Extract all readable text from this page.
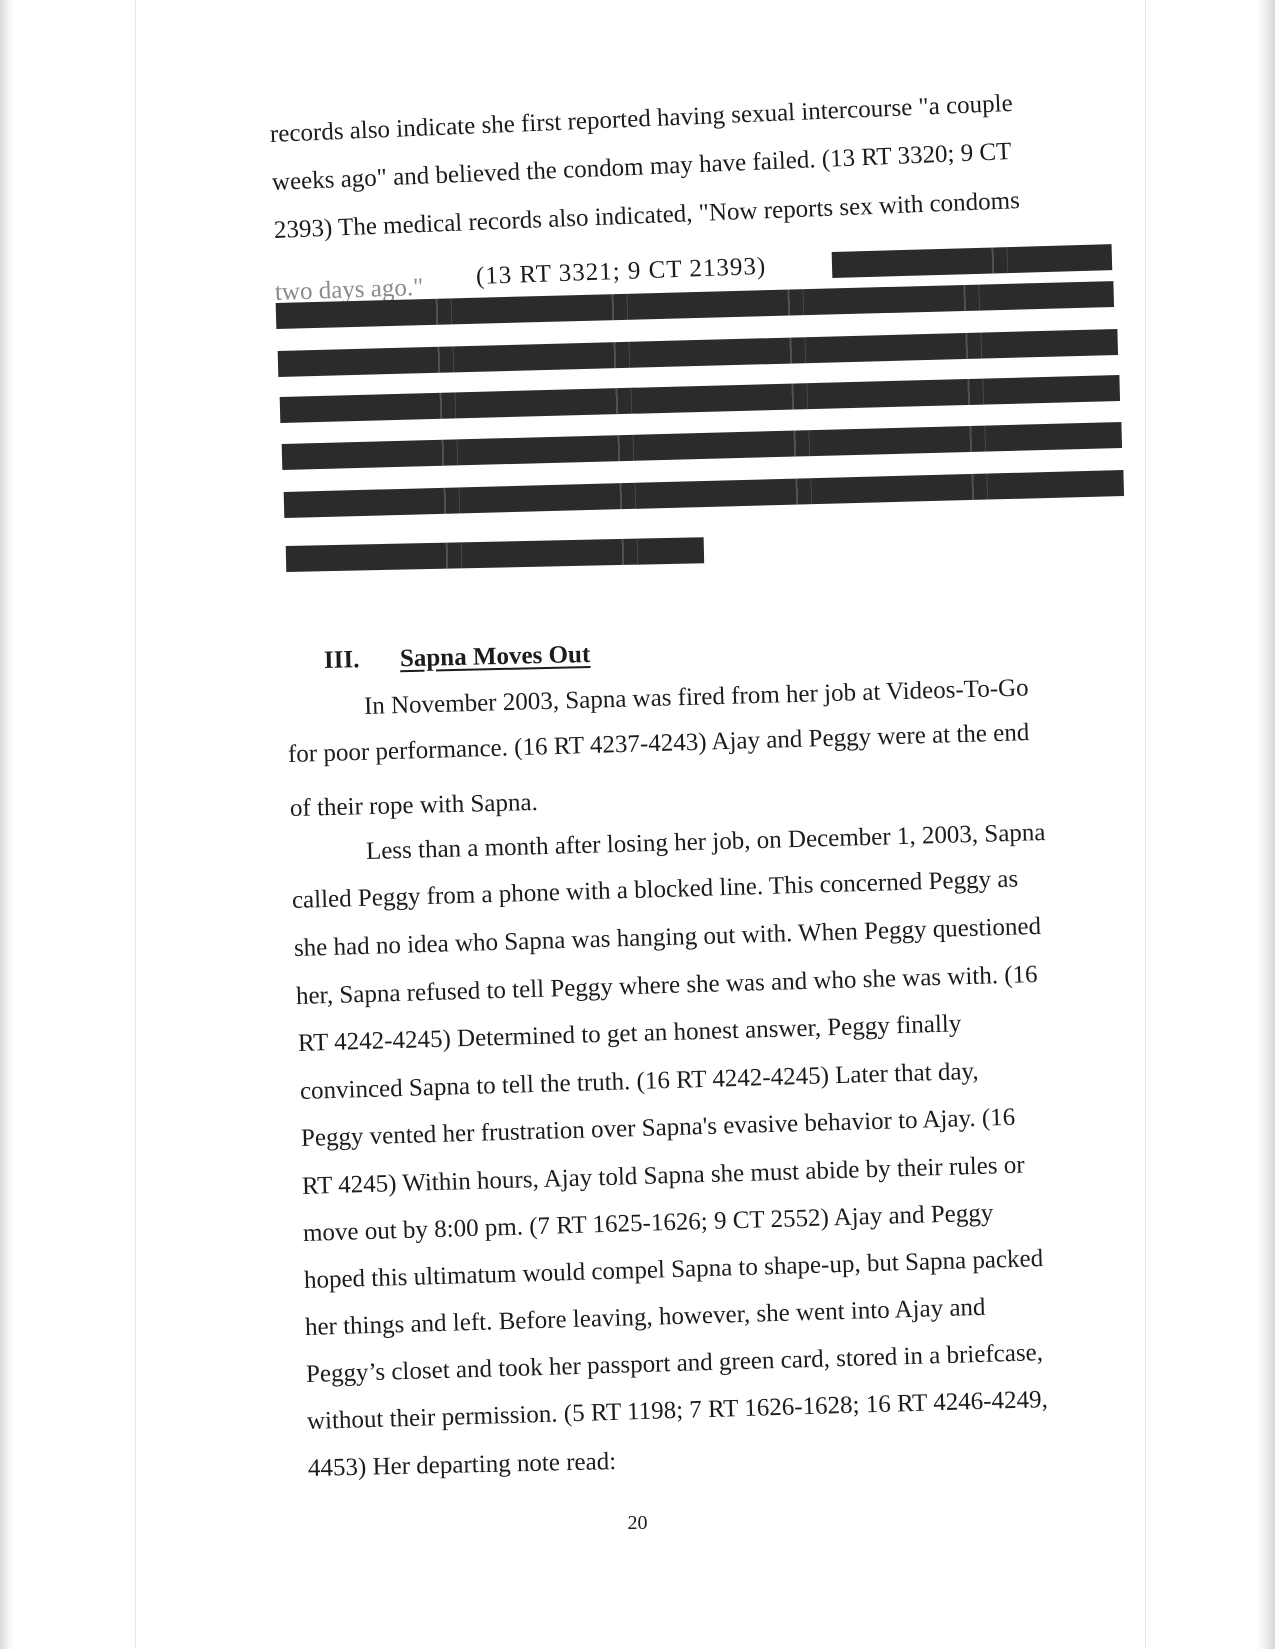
records also indicate she first reported having sexual intercourse "a couple
weeks ago" and believed the condom may have failed. (13 RT 3320; 9 CT
2393) The medical records also indicated, "Now reports sex with condoms
two days ago." (13 RT 3321; 9 CT 21393)
III. Sapna Moves Out
In November 2003, Sapna was fired from her job at Videos-To-Go
for poor performance. (16 RT 4237-4243) Ajay and Peggy were at the end
of their rope with Sapna.
Less than a month after losing her job, on December 1, 2003, Sapna
called Peggy from a phone with a blocked line. This concerned Peggy as
she had no idea who Sapna was hanging out with. When Peggy questioned
her, Sapna refused to tell Peggy where she was and who she was with. (16
RT 4242-4245) Determined to get an honest answer, Peggy finally
convinced Sapna to tell the truth. (16 RT 4242-4245) Later that day,
Peggy vented her frustration over Sapna's evasive behavior to Ajay. (16
RT 4245) Within hours, Ajay told Sapna she must abide by their rules or
move out by 8:00 pm. (7 RT 1625-1626; 9 CT 2552) Ajay and Peggy
hoped this ultimatum would compel Sapna to shape-up, but Sapna packed
her things and left. Before leaving, however, she went into Ajay and
Peggy’s closet and took her passport and green card, stored in a briefcase,
without their permission. (5 RT 1198; 7 RT 1626-1628; 16 RT 4246-4249,
4453) Her departing note read:
20
